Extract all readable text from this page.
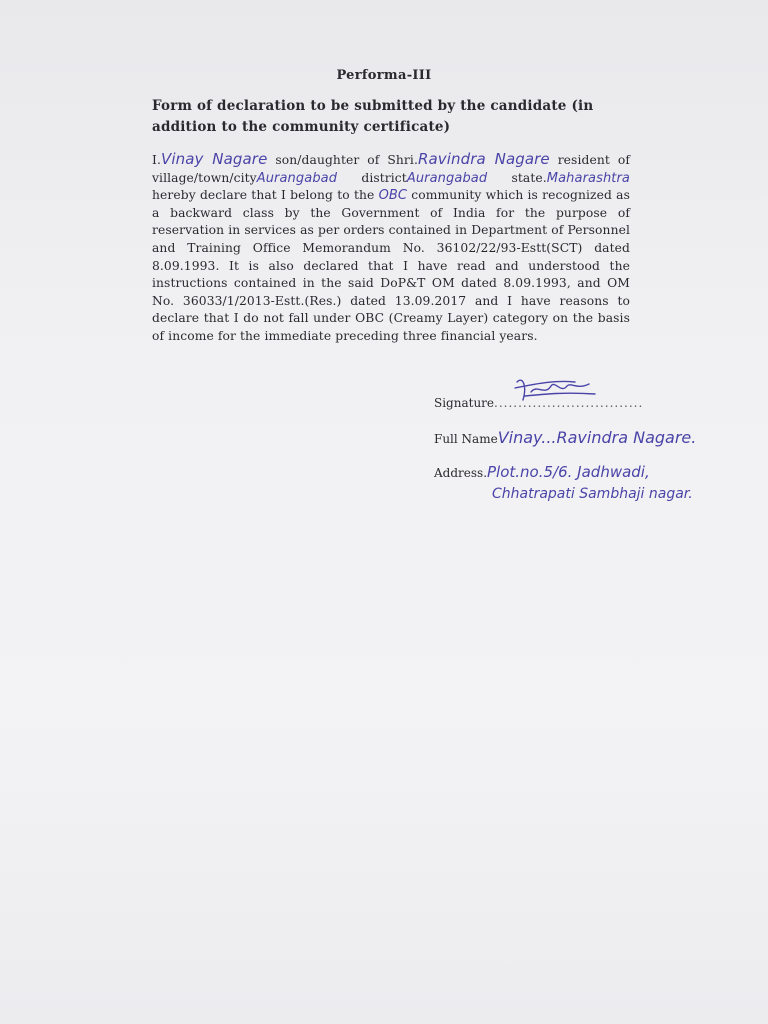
Performa-III
Form of declaration to be submitted by the candidate (in addition to the community certificate)
I.Vinay Nagare son/daughter of Shri.Ravindra Nagare resident of village/town/cityAurangabad districtAurangabad state.Maharashtra hereby declare that I belong to the OBC community which is recognized as a backward class by the Government of India for the purpose of reservation in services as per orders contained in Department of Personnel and Training Office Memorandum No. 36102/22/93-Estt(SCT) dated 8.09.1993. It is also declared that I have read and understood the instructions contained in the said DoP&T OM dated 8.09.1993, and OM No. 36033/1/2013-Estt.(Res.) dated 13.09.2017 and I have reasons to declare that I do not fall under OBC (Creamy Layer) category on the basis of income for the immediate preceding three financial years.
Signature...............................
Full NameVinay...Ravindra Nagare.
Address.Plot.no.5/6. Jadhwadi,
Chhatrapati Sambhaji nagar.
